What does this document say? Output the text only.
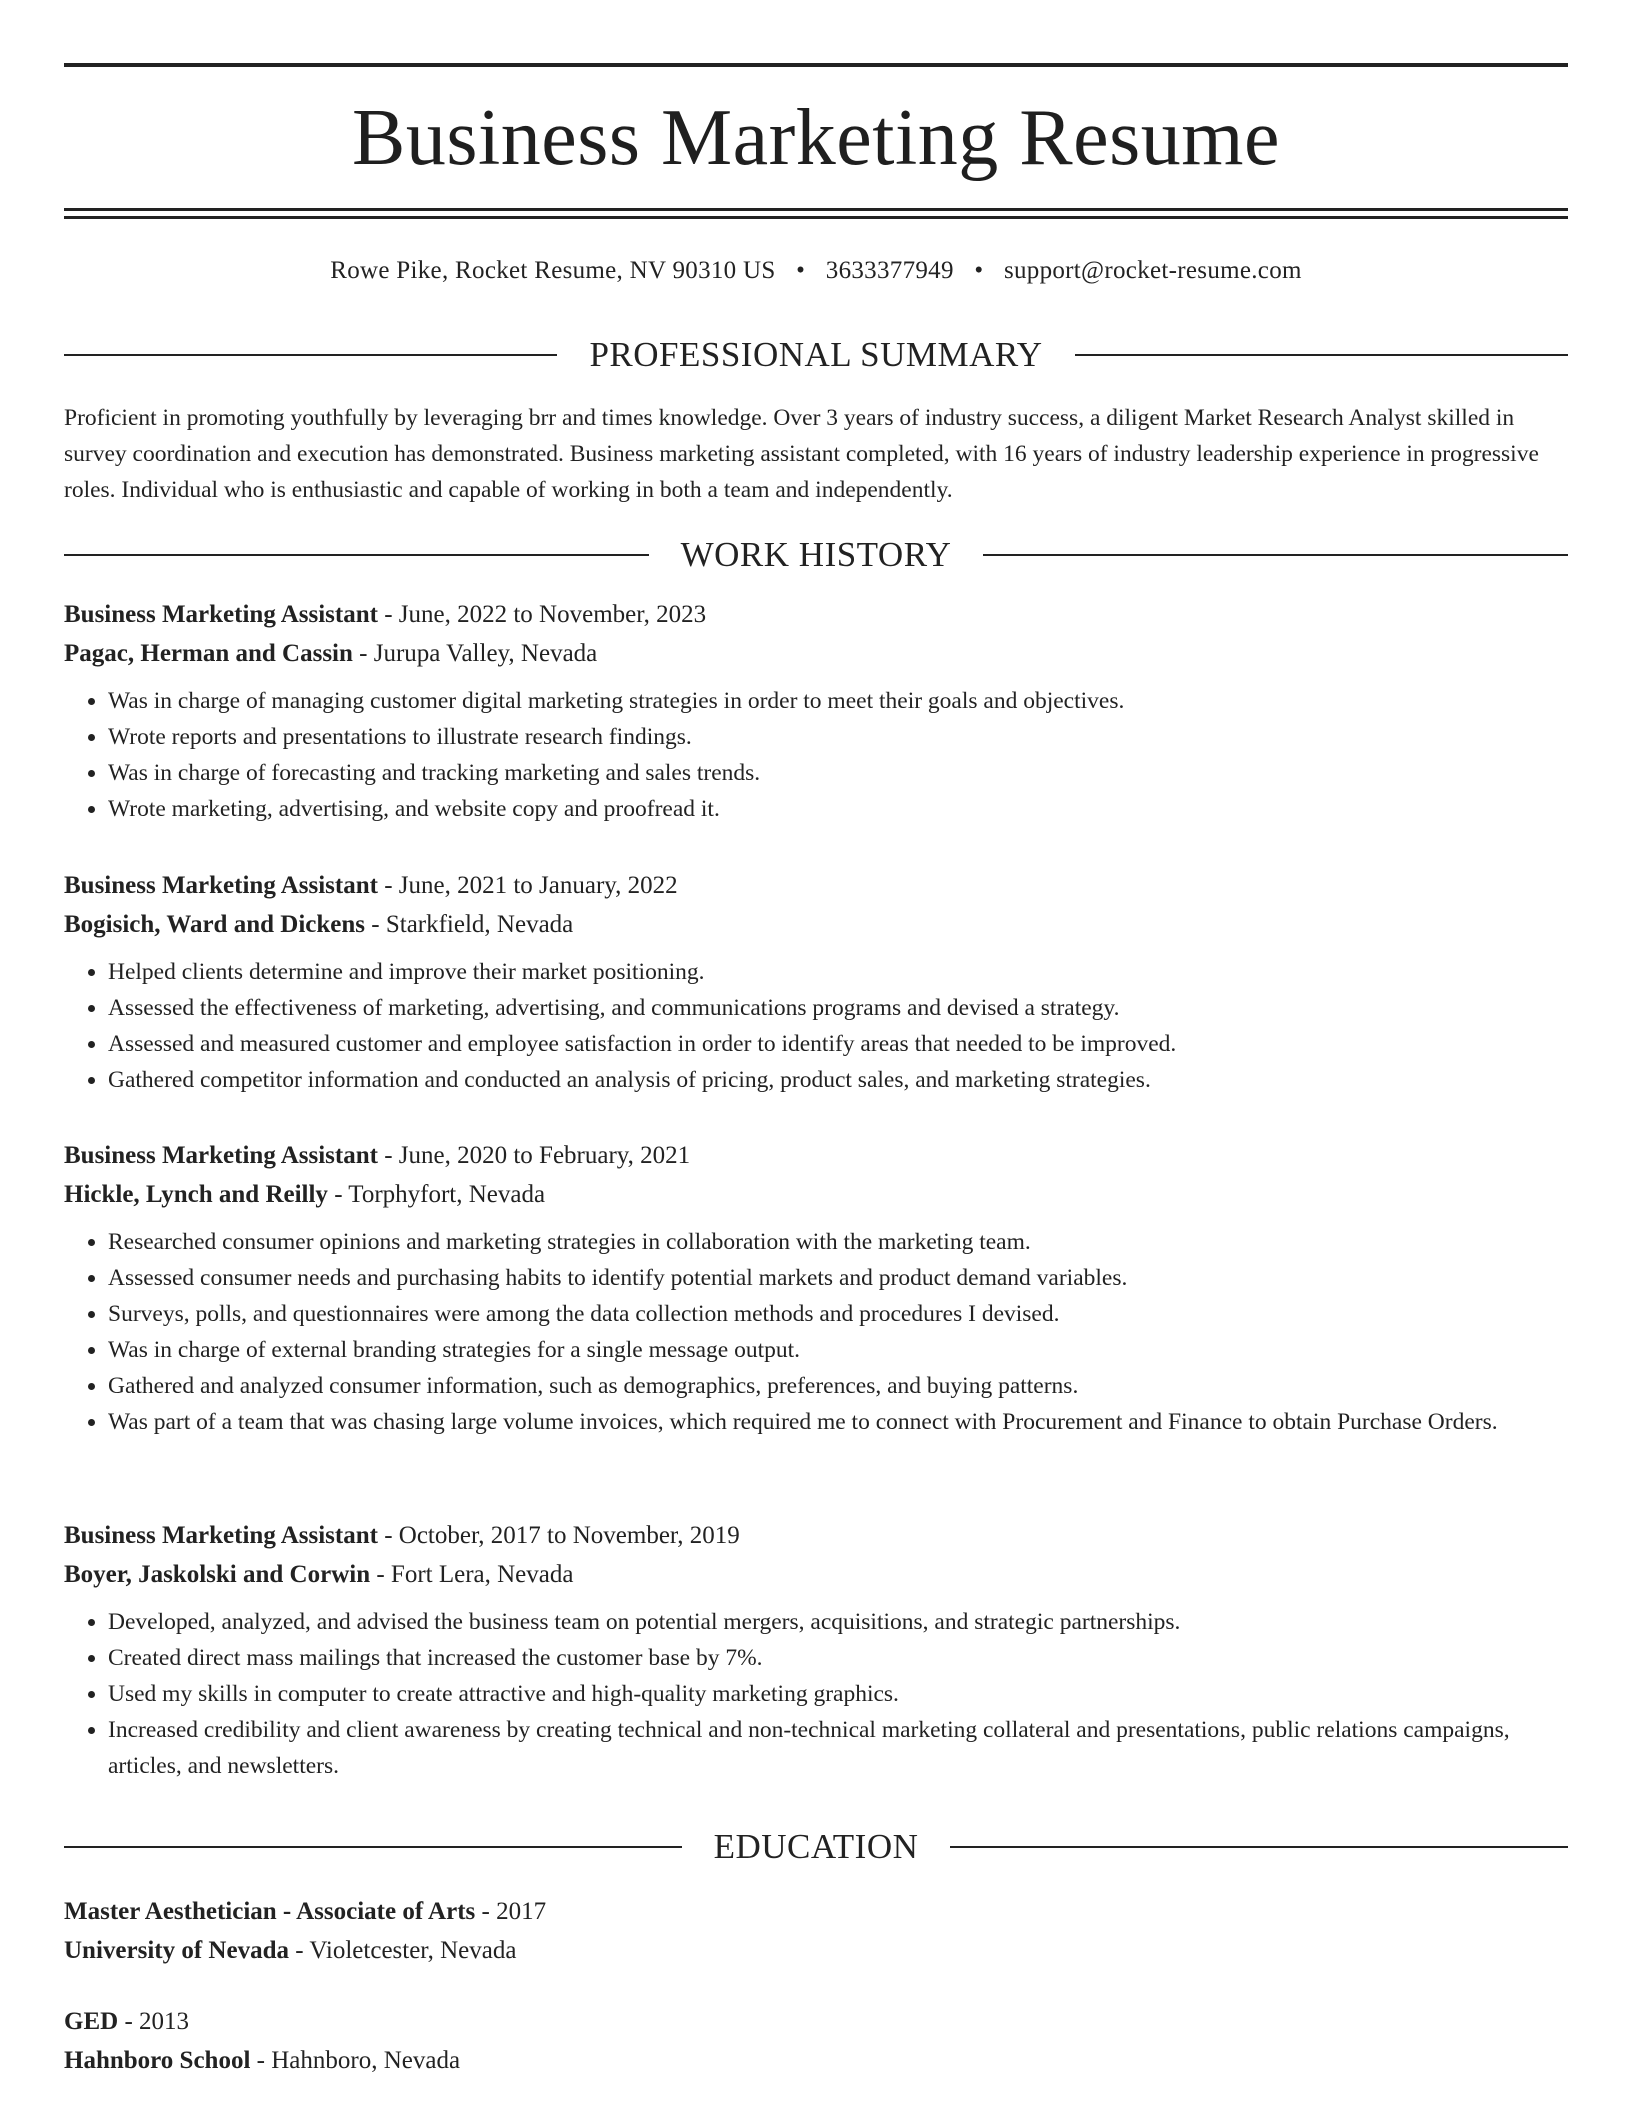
Business Marketing Resume
Rowe Pike, Rocket Resume, NV 90310 US • 3633377949 • support@rocket-resume.com
PROFESSIONAL SUMMARY

Proficient in promoting youthfully by leveraging brr and times knowledge. Over 3 years of industry success, a diligent Market Research Analyst skilled in survey coordination and execution has demonstrated. Business marketing assistant completed, with 16 years of industry leadership experience in progressive roles. Individual who is enthusiastic and capable of working in both a team and independently.

WORK HISTORY

Business Marketing Assistant - June, 2022 to November, 2023

Pagac, Herman and Cassin - Jurupa Valley, Nevada

• Was in charge of managing customer digital marketing strategies in order to meet their goals and objectives.
• Wrote reports and presentations to illustrate research findings.
• Was in charge of forecasting and tracking marketing and sales trends.
• Wrote marketing, advertising, and website copy and proofread it.

Business Marketing Assistant - June, 2021 to January, 2022

Bogisich, Ward and Dickens - Starkfield, Nevada

• Helped clients determine and improve their market positioning.
• Assessed the effectiveness of marketing, advertising, and communications programs and devised a strategy.
• Assessed and measured customer and employee satisfaction in order to identify areas that needed to be improved.
• Gathered competitor information and conducted an analysis of pricing, product sales, and marketing strategies.

Business Marketing Assistant - June, 2020 to February, 2021

Hickle, Lynch and Reilly - Torphyfort, Nevada

• Researched consumer opinions and marketing strategies in collaboration with the marketing team.
• Assessed consumer needs and purchasing habits to identify potential markets and product demand variables.
• Surveys, polls, and questionnaires were among the data collection methods and procedures I devised.
• Was in charge of external branding strategies for a single message output.
• Gathered and analyzed consumer information, such as demographics, preferences, and buying patterns.
• Was part of a team that was chasing large volume invoices, which required me to connect with Procurement and Finance to obtain Purchase Orders.

Business Marketing Assistant - October, 2017 to November, 2019

Boyer, Jaskolski and Corwin - Fort Lera, Nevada

• Developed, analyzed, and advised the business team on potential mergers, acquisitions, and strategic partnerships.
• Created direct mass mailings that increased the customer base by 7%.
• Used my skills in computer to create attractive and high-quality marketing graphics.
• Increased credibility and client awareness by creating technical and non-technical marketing collateral and presentations, public relations campaigns, articles, and newsletters.
EDUCATION

Master Aesthetician - Associate of Arts - 2017

University of Nevada - Violetcester, Nevada

GED - 2013

Hahnboro School - Hahnboro, Nevada
